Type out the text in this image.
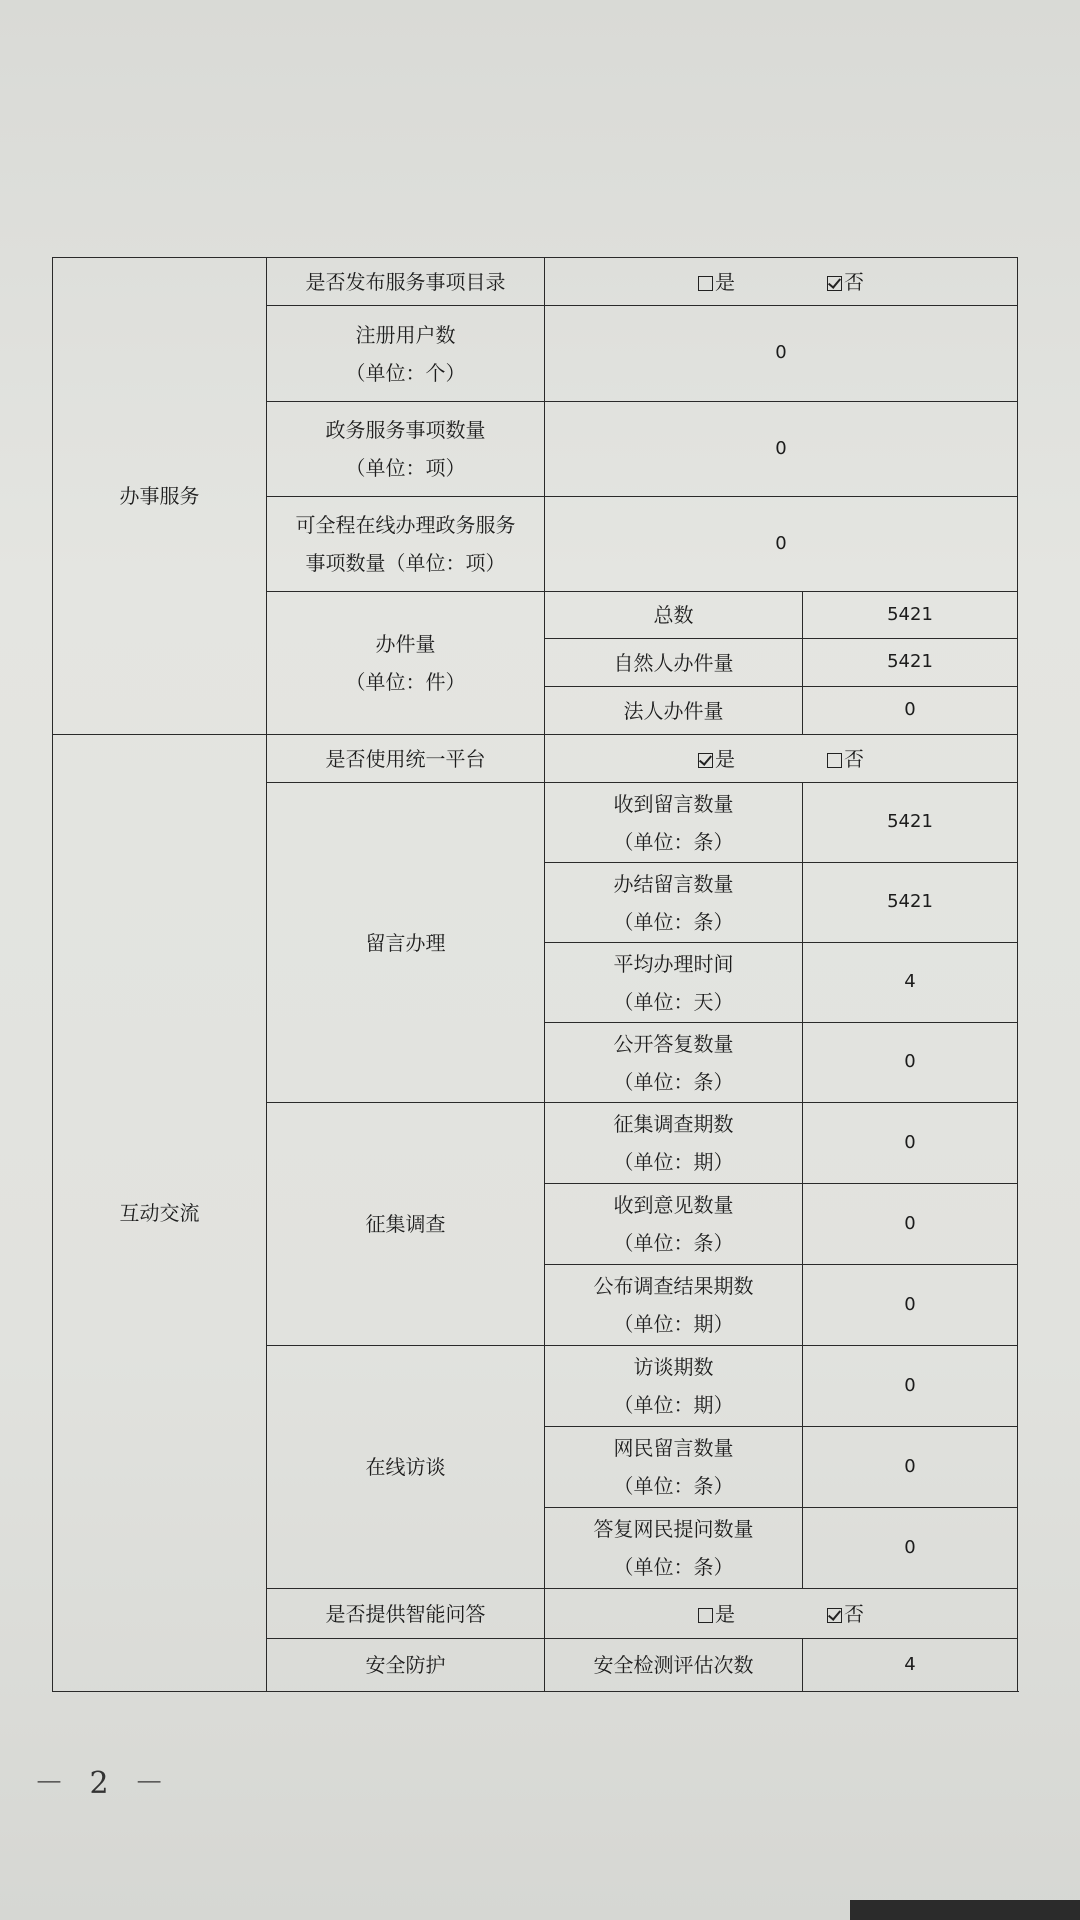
办事服务	是否发布服务事项目录	是 否	

	注册用户数
（单位：个）	0	

	政务服务事项数量
（单位：项）	0	

	可全程在线办理政务服务
事项数量（单位：项）	0	

	办件量
（单位：件）	总数	5421
		自然人办件量	5421
		法人办件量	0
互动交流	是否使用统一平台	是 否	
	留言办理	收到留言数量
（单位：条）	5421

		办结留言数量
（单位：条）	5421

		平均办理时间
（单位：天）	4

		公开答复数量
（单位：条）	0
	征集调查	征集调查期数
（单位：期）	0

		收到意见数量
（单位：条）	0

		公布调查结果期数
（单位：期）	0
	在线访谈	访谈期数
（单位：期）	0

		网民留言数量
（单位：条）	0

		答复网民提问数量
（单位：条）	0
	是否提供智能问答	是 否	
	安全防护	安全检测评估次数	4
－ 2 －
